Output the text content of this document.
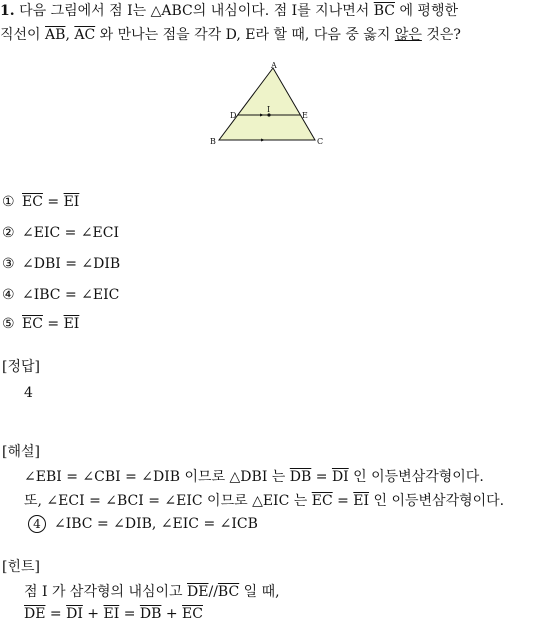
1. 다음 그림에서 점 I는 △ABC의 내심이다. 점 I를 지나면서 $\overline{BC}$ 에 평행한
직선이 $\overline{AB}$, $\overline{AC}$ 와 만나는 점을 각각 D, E라 할 때, 다음 중 옳지 않은 것은?
A
B	C
D	E
I
① $\overline{EC} = \overline{EI}$
② ∠EIC = ∠ECI
③ ∠DBI = ∠DIB
④ ∠IBC = ∠EIC
⑤ $\overline{EC} = \overline{EI}$
[정답]
4
[해설]
∠EBI = ∠CBI = ∠DIB 이므로 △DBI 는 $\overline{DB} = \overline{DI}$ 인 이등변삼각형이다.
또, ∠ECI = ∠BCI = ∠EIC 이므로 △EIC 는 $\overline{EC} = \overline{EI}$ 인 이등변삼각형이다.
4 ∠IBC = ∠DIB, ∠EIC = ∠ICB
[힌트]
점 I 가 삼각형의 내심이고 $\overline{DE}//\overline{BC}$ 일 때,
$\overline{DE} = \overline{DI} + \overline{EI} = \overline{DB} + \overline{EC}$
